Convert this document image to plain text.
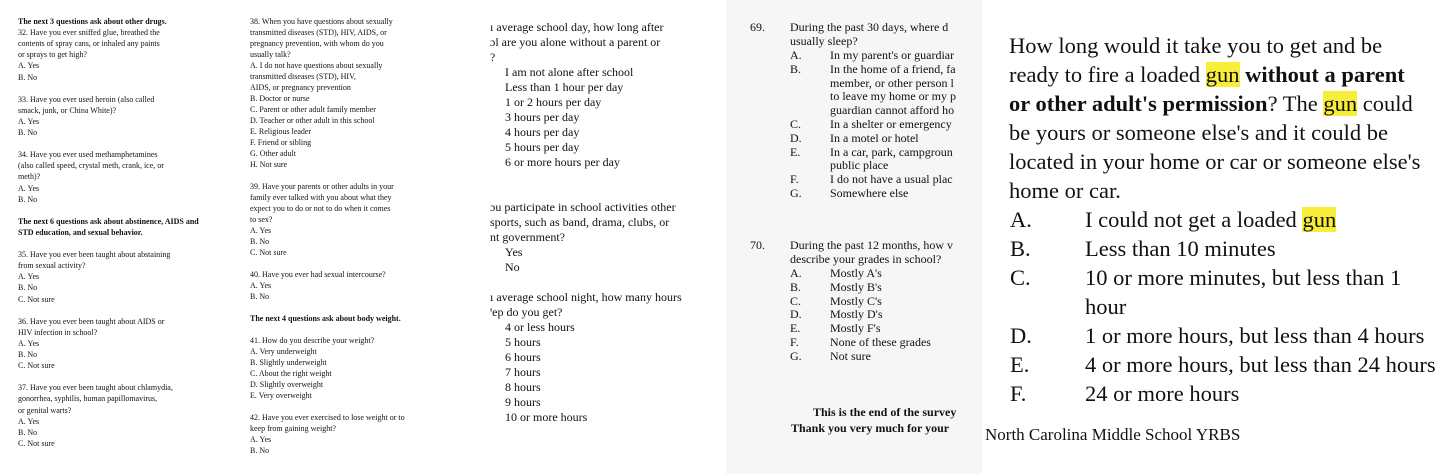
The next 3 questions ask about other drugs.
32. Have you ever sniffed glue, breathed the
contents of spray cans, or inhaled any paints
or sprays to get high?
A. Yes
B. No
33. Have you ever used heroin (also called
smack, junk, or China White)?
A. Yes
B. No
34. Have you ever used methamphetamines
(also called speed, crystal meth, crank, ice, or
meth)?
A. Yes
B. No
The next 6 questions ask about abstinence, AIDS and
STD education, and sexual behavior.
35. Have you ever been taught about abstaining
from sexual activity?
A. Yes
B. No
C. Not sure
36. Have you ever been taught about AIDS or
HIV infection in school?
A. Yes
B. No
C. Not sure
37. Have you ever been taught about chlamydia,
gonorrhea, syphilis, human papillomavirus,
or genital warts?
A. Yes
B. No
C. Not sure
38. When you have questions about sexually
transmitted diseases (STD), HIV, AIDS, or
pregnancy prevention, with whom do you
usually talk?
A. I do not have questions about sexually
transmitted diseases (STD), HIV,
AIDS, or pregnancy prevention
B. Doctor or nurse
C. Parent or other adult family member
D. Teacher or other adult in this school
E. Religious leader
F. Friend or sibling
G. Other adult
H. Not sure
39. Have your parents or other adults in your
family ever talked with you about what they
expect you to do or not to do when it comes
to sex?
A. Yes
B. No
C. Not sure
40. Have you ever had sexual intercourse?
A. Yes
B. No
The next 4 questions ask about body weight.
41. How do you describe your weight?
A. Very underweight
B. Slightly underweight
C. About the right weight
D. Slightly overweight
E. Very overweight
42. Have you ever exercised to lose weight or to
keep from gaining weight?
A. Yes
B. No
ı average school day, how long after
ɔl are you alone without a parent or
?
I am not alone after school
Less than 1 hour per day
1 or 2 hours per day
3 hours per day
4 hours per day
5 hours per day
6 or more hours per day
ɔu participate in school activities other
sports, such as band, drama, clubs, or
nt government?
Yes
No
ı average school night, how many hours
ꞌep do you get?
4 or less hours
5 hours
6 hours
7 hours
8 hours
9 hours
10 or more hours
69. During the past 30 days, where d
usually sleep?
A. In my parent's or guardiar
B. In the home of a friend, fa
member, or other person l
to leave my home or my p
guardian cannot afford ho
C. In a shelter or emergency
D. In a motel or hotel
E. In a car, park, campgroun
public place
F.	I do not have a usual plac
G. Somewhere else
70. During the past 12 months, how v
describe your grades in school?
A. Mostly A's
B. Mostly B's
C. Mostly C's
D. Mostly D's
E. Mostly F's
F.	None of these grades
G. Not sure
This is the end of the survey
Thank you very much for your
How long would it take you to get and be
ready to fire a loaded gun without a parent
or other adult's permission? The gun could
be yours or someone else's and it could be
located in your home or car or someone else's
home or car.
A. I could not get a loaded gun
B. Less than 10 minutes
C. 10 or more minutes, but less than 1
hour
D. 1 or more hours, but less than 4 hours
E. 4 or more hours, but less than 24 hours
F.	24 or more hours
North Carolina Middle School YRBS
